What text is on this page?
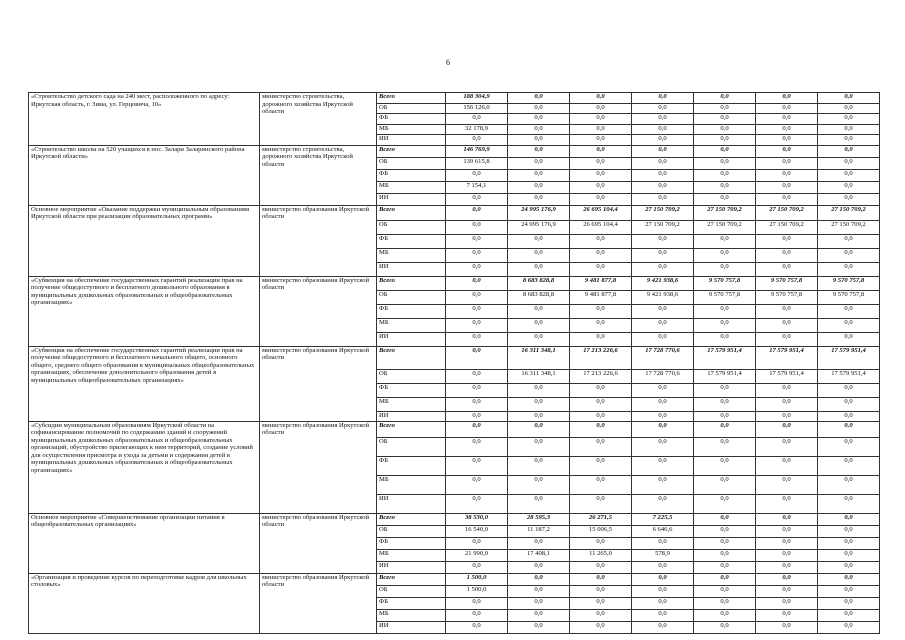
6
«Строительство детского сада на 240 мест, расположенного по адресу: Иркутская область, г. Зима, ул. Герцовича, 10»	министерство строительства, дорожного хозяйства Иркутской области	Всего	188 304,9	0,0	0,0	0,0	0,0	0,0	0,0
		ОБ	156 126,0	0,0	0,0	0,0	0,0	0,0	0,0
		ФБ	0,0	0,0	0,0	0,0	0,0	0,0	0,0
		МБ	32 178,9	0,0	0,0	0,0	0,0	0,0	0,0
		ИИ	0,0	0,0	0,0	0,0	0,0	0,0	0,0
«Строительство школы на 520 учащихся в пос. Залари Заларинского района Иркутской области»	министерство строительства, дорожного хозяйства Иркутской области	Всего	146 769,9	0,0	0,0	0,0	0,0	0,0	0,0
		ОБ	139 615,8	0,0	0,0	0,0	0,0	0,0	0,0
		ФБ	0,0	0,0	0,0	0,0	0,0	0,0	0,0
		МБ	7 154,1	0,0	0,0	0,0	0,0	0,0	0,0
		ИИ	0,0	0,0	0,0	0,0	0,0	0,0	0,0
Основное мероприятие «Оказание поддержки муниципальным образованиям Иркутской области при реализации образовательных программ»	министерство образования Иркутской области	Всего	0,0	24 995 176,9	26 695 104,4	27 150 709,2	27 150 709,2	27 150 709,2	27 150 709,2
		ОБ	0,0	24 995 176,9	26 695 104,4	27 150 709,2	27 150 709,2	27 150 709,2	27 150 709,2
		ФБ	0,0	0,0	0,0	0,0	0,0	0,0	0,0
		МБ	0,0	0,0	0,0	0,0	0,0	0,0	0,0
		ИИ	0,0	0,0	0,0	0,0	0,0	0,0	0,0
«Субвенция на обеспечение государственных гарантий реализации прав на получение общедоступного и бесплатного дошкольного образования в муниципальных дошкольных образовательных и общеобразовательных организациях»	министерство образования Иркутской области	Всего	0,0	8 683 828,8	9 481 877,8	9 421 938,6	9 570 757,8	9 570 757,8	9 570 757,8
		ОБ	0,0	8 683 828,8	9 481 877,8	9 421 938,6	9 570 757,8	9 570 757,8	9 570 757,8
		ФБ	0,0	0,0	0,0	0,0	0,0	0,0	0,0
		МБ	0,0	0,0	0,0	0,0	0,0	0,0	0,0
		ИИ	0,0	0,0	0,0	0,0	0,0	0,0	0,0
«Субвенция на обеспечение государственных гарантий реализации прав на получение общедоступного и бесплатного начального общего, основного общего, среднего общего образования в муниципальных общеобразовательных организациях, обеспечение дополнительного образования детей в муниципальных общеобразовательных организациях»	министерство образования Иркутской области	Всего	0,0	16 311 348,1	17 213 226,6	17 728 770,6	17 579 951,4	17 579 951,4	17 579 951,4
		ОБ	0,0	16 311 348,1	17 213 226,6	17 728 770,6	17 579 951,4	17 579 951,4	17 579 951,4
		ФБ	0,0	0,0	0,0	0,0	0,0	0,0	0,0
		МБ	0,0	0,0	0,0	0,0	0,0	0,0	0,0
		ИИ	0,0	0,0	0,0	0,0	0,0	0,0	0,0
«Субсидии муниципальным образованиям Иркутской области на софинансирование полномочий по содержанию зданий и сооружений муниципальных дошкольных образовательных и общеобразовательных организаций, обустройство прилегающих к ним территорий, создание условий для осуществления присмотра и ухода за детьми и содержания детей в муниципальных дошкольных образовательных и общеобразовательных организациях»	министерство образования Иркутской области	Всего	0,0	0,0	0,0	0,0	0,0	0,0	0,0
		ОБ	0,0	0,0	0,0	0,0	0,0	0,0	0,0
		ФБ	0,0	0,0	0,0	0,0	0,0	0,0	0,0
		МБ	0,0	0,0	0,0	0,0	0,0	0,0	0,0
		ИИ	0,0	0,0	0,0	0,0	0,0	0,0	0,0
Основное мероприятие «Совершенствование организации питания в общеобразовательных организациях»	министерство образования Иркутской области	Всего	38 530,0	28 595,3	26 271,5	7 225,5	0,0	0,0	0,0
		ОБ	16 540,0	11 187,2	15 006,5	6 646,6	0,0	0,0	0,0
		ФБ	0,0	0,0	0,0	0,0	0,0	0,0	0,0
		МБ	21 990,0	17 408,1	11 265,0	578,9	0,0	0,0	0,0
		ИИ	0,0	0,0	0,0	0,0	0,0	0,0	0,0
«Организация и проведение курсов по переподготовке кадров для школьных столовых»	министерство образования Иркутской области	Всего	1 500,0	0,0	0,0	0,0	0,0	0,0	0,0
		ОБ	1 500,0	0,0	0,0	0,0	0,0	0,0	0,0
		ФБ	0,0	0,0	0,0	0,0	0,0	0,0	0,0
		МБ	0,0	0,0	0,0	0,0	0,0	0,0	0,0
		ИИ	0,0	0,0	0,0	0,0	0,0	0,0	0,0
